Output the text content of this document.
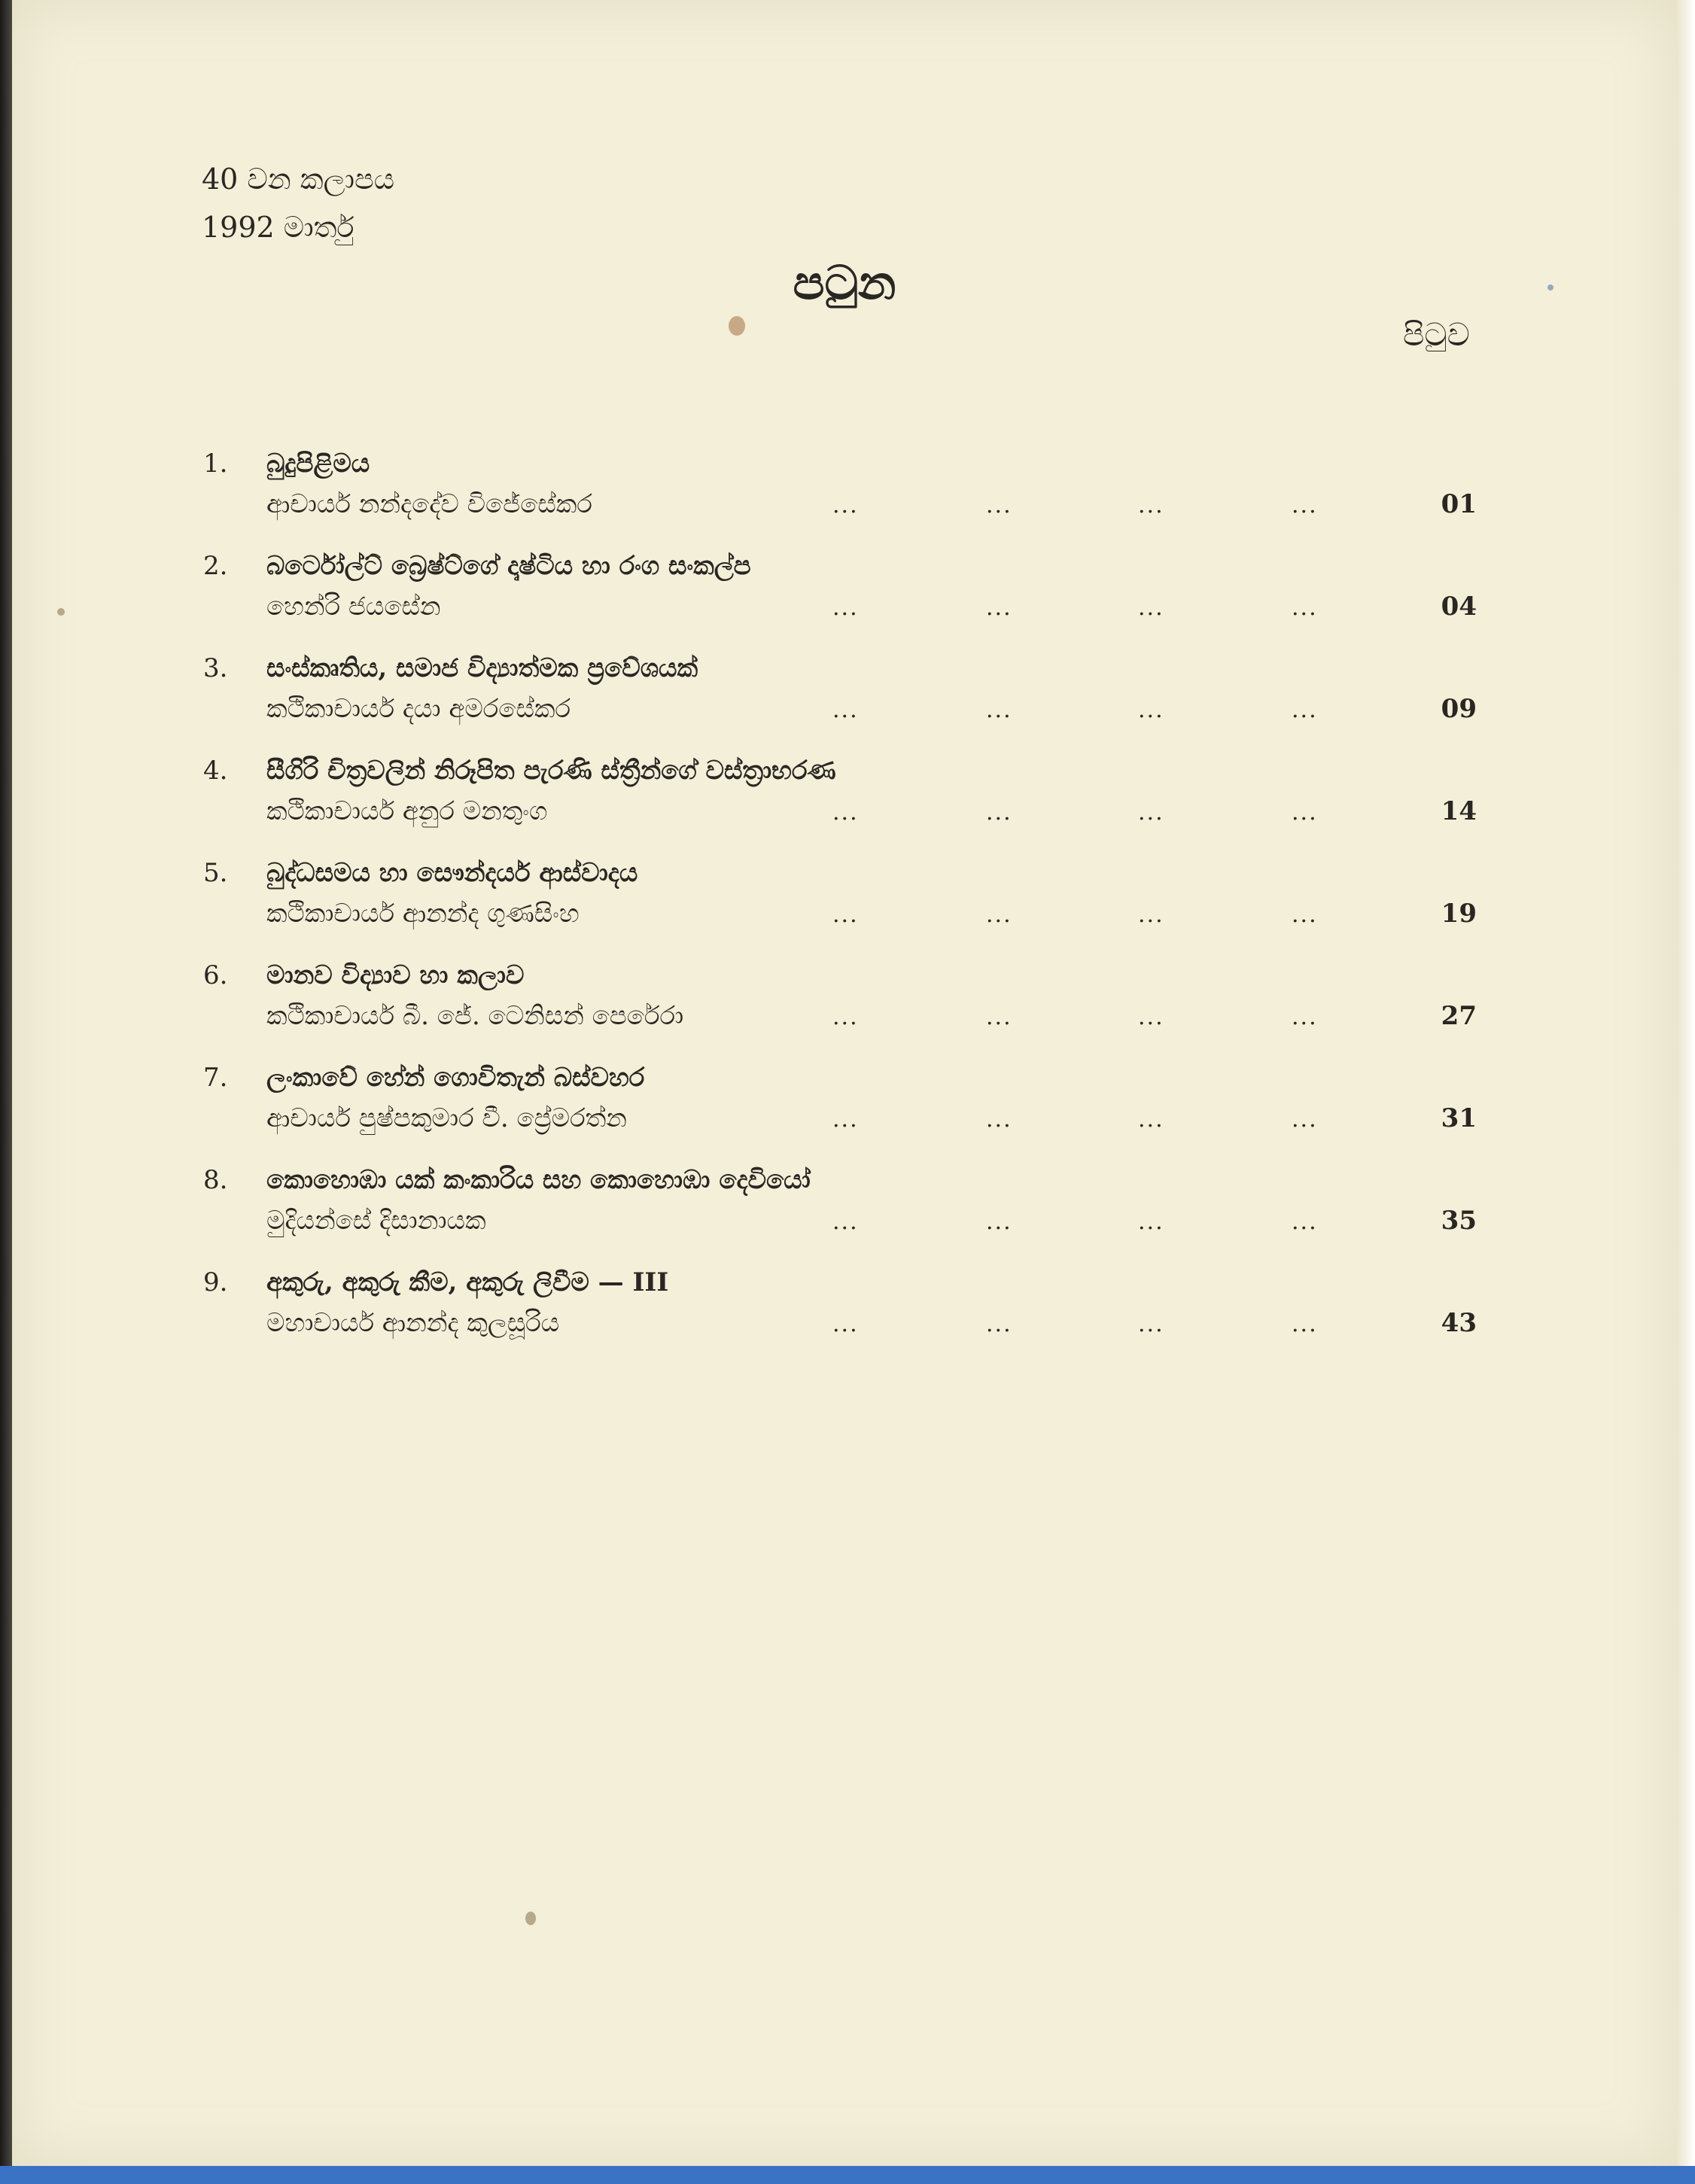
40 වන කලාපය
1992 මාර්තු
පටුන
පිටුව
1. බුදුපිළිමය
ආචාර්ය නන්දදේව විජේසේකර	...	...	...	...	01
2. බර්ටෝල්ට් බ්‍රෙෂ්ට්ගේ දෘෂ්ටිය හා රංග සංකල්ප
හෙන්රි ජයසේන	...	...	...	...	04
3. සංස්කෘතිය, සමාජ විද්‍යාත්මක ප්‍රවේශයක්
කථිකාචාර්ය දයා අමරසේකර	...	...	...	...	09
4. සීගිරි චිත්‍රවලින් නිරූපිත පැරණි ස්ත්‍රීන්ගේ වස්ත්‍රාභරණ
කථිකාචාර්ය අනුර මනතුංග	...	...	...	...	14
5. බුද්ධසමය හා සෞන්දර්ය ආස්වාදය
කථිකාචාර්ය ආනන්ද ගුණසිංහ	...	...	...	...	19
6. මානව විද්‍යාව හා කලාව
කථිකාචාර්ය බී. ජේ. ටෙනිසන් පෙරේරා	...	...	...	...	27
7. ලංකාවේ හේන් ගොවිතැන් බස්වහර
ආචාර්ය පුෂ්පකුමාර වී. ප්‍රේමරත්න	...	...	...	...	31
8. කොහොඹා යක් කංකාරිය සහ කොහොඹා දෙවියෝ
මුදියන්සේ දිසානායක	...	...	...	...	35
9. අකුරු, අකුරු කීම, අකුරු ලිවීම — III
මහාචාර්ය ආනන්ද කුලසූරිය	...	...	...	...	43
